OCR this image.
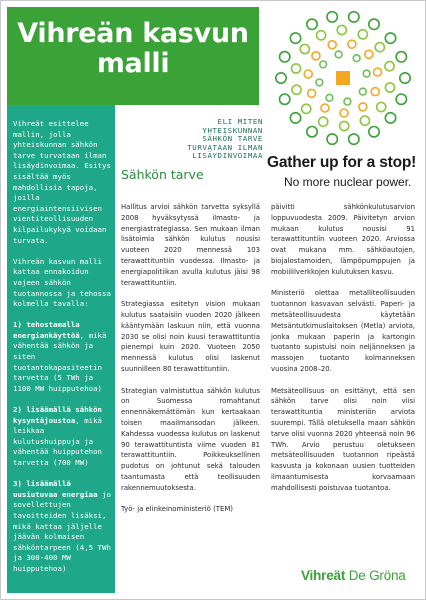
Vihreän kasvun
malli

Vihreät esittelee mallin, jolla yhteiskunnan sähkön tarve turvataan ilman lisäydinvoimaa. Esitys sisältää myös mahdollisia tapoja, joilla energiaintensiivisen vientiteollisuuden kilpailukykyä voidaan turvata.

Vihreän kasvun malli kattaa ennakoidun vajeen sähkön tuotannossa ja tehossa kolmella tavalla:

1) tehostamalla energiankäyttöä, mikä vähentää sähkön ja siten tuotantokapasiteetin tarvetta (5 TWh ja 1100 MW huipputehoa)

2) lisäämällä sähkön kysyntäjoustoa, mikä leikkaa kulutushuippuja ja vähentää huipputehon tarvetta (700 MW)

3) lisäämällä uusiutuvaa energiaa jo sovellettujen tavoitteiden lisäksi, mikä kattaa jäljelle jäävän kolmaisen sähköntarpeen (4,5 TWh ja 300-400 MW huipputehoa)

ELI MITEN
YHTEISKUNNAN
SÄHKÖN TARVE
TURVATAAN ILMAN
LISÄYDINVOIMAA Gather up for a stop!
No more nuclear power.
Sähkön tarve

Hallitus arvioi sähkön tarvetta syksyllä 2008 hyväksytyssä ilmasto- ja energiastrategiassa. Sen mukaan ilman lisätoimia sähkön kulutus nousisi vuoteen 2020 mennessä 103 terawattituntiin vuodessa. Ilmasto- ja energiapolitiikan avulla kulutus jäisi 98 terawattituntiin.

Strategiassa esitetyn vision mukaan kulutus saataisiin vuoden 2020 jälkeen kääntymään laskuun niin, että vuonna 2030 se olisi noin kuusi terawattituntia pienempi kuin 2020. Vuoteen 2050 mennessä kulutus olisi laskenut suunnilleen 80 terawattituntiin.

Strategian valmistuttua sähkön kulutus on Suomessa romahtanut ennennäkemättömän kun kertaakaan toisen maailmansodan jälkeen. Kahdessa vuodessa kulutus on laskenut 90 terawattituntista viime vuoden 81 terawattituntiin. Poikkeuksellinen pudotus on johtunut sekä talouden taantumasta että teollisuuden rakennemuutoksesta.

Työ- ja elinkeinoministeriö (TEM)

päivitti sähkönkulutusarvion loppuvuodesta 2009. Päivitetyn arvion mukaan kulutus nousisi 91 terawattituntiin vuoteen 2020. Arviossa ovat mukana mm. sähköautojen, biojalostamoiden, lämpöpumppujen ja mobiililverkkojen kulutuksen kasvu.

Ministeriö olettaa metalliteollisuuden tuotannon kasvavan selvästi. Paperi- ja metsäteollisuudesta käytetään Metsäntutkimuslaitoksen (Metla) arviota, jonka mukaan paperin ja kartongin tuotanto supistuisi noin neljänneksen ja massojen tuotanto kolmanneksen vuosina 2008–20.

Metsäteollisuus on esittänyt, että sen sähkön tarve olisi noin viisi terawattituntia ministeriön arviota suurempi. Tällä oletuksella maan sähkön tarve olisi vuonna 2020 yhteensä noin 96 TWh. Arvio perustuu oletukseen metsäteollisuuden tuotannon ripeästä kasvusta ja kokonaan uusien tuotteiden ilmaantumisesta korvaamaan mahdollisesti poistuvaa tuotantoa.

Vihreät De Gröna
